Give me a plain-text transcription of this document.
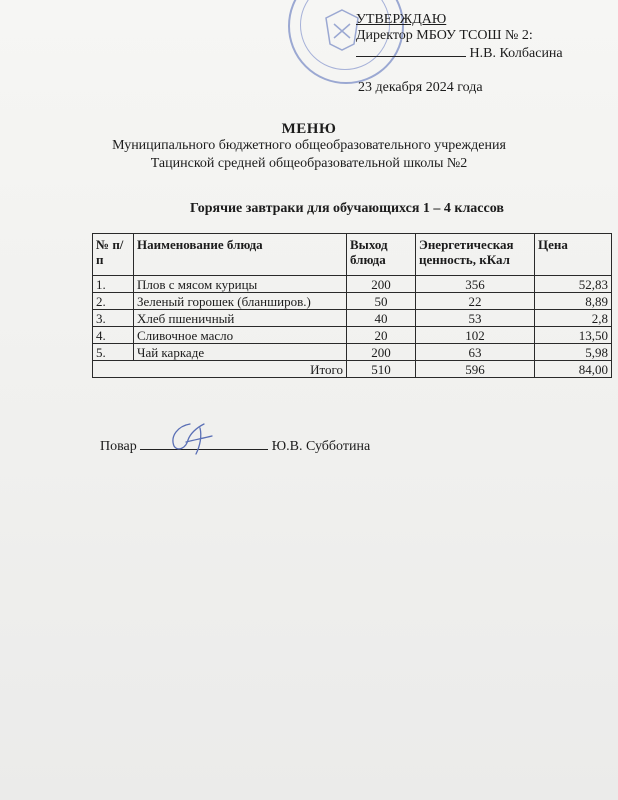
УТВЕРЖДАЮ
Директор МБОУ ТСОШ № 2:
Н.В. Колбасина
23 декабря 2024 года
МЕНЮ
Муниципального бюджетного общеобразовательного учреждения
Тацинской средней общеобразовательной школы №2
Горячие завтраки для обучающихся 1 – 4 классов
№ п/п	Наименование блюда	Выход блюда	Энергетическая ценность, кКал	Цена
1.	Плов с мясом курицы	200	356	52,83
2.	Зеленый горошек (бланширов.)	50	22	8,89
3.	Хлеб пшеничный	40	53	2,8
4.	Сливочное масло	20	102	13,50
5.	Чай каркаде	200	63	5,98
Итого		510	596	84,00
Повар	Ю.В. Субботина
